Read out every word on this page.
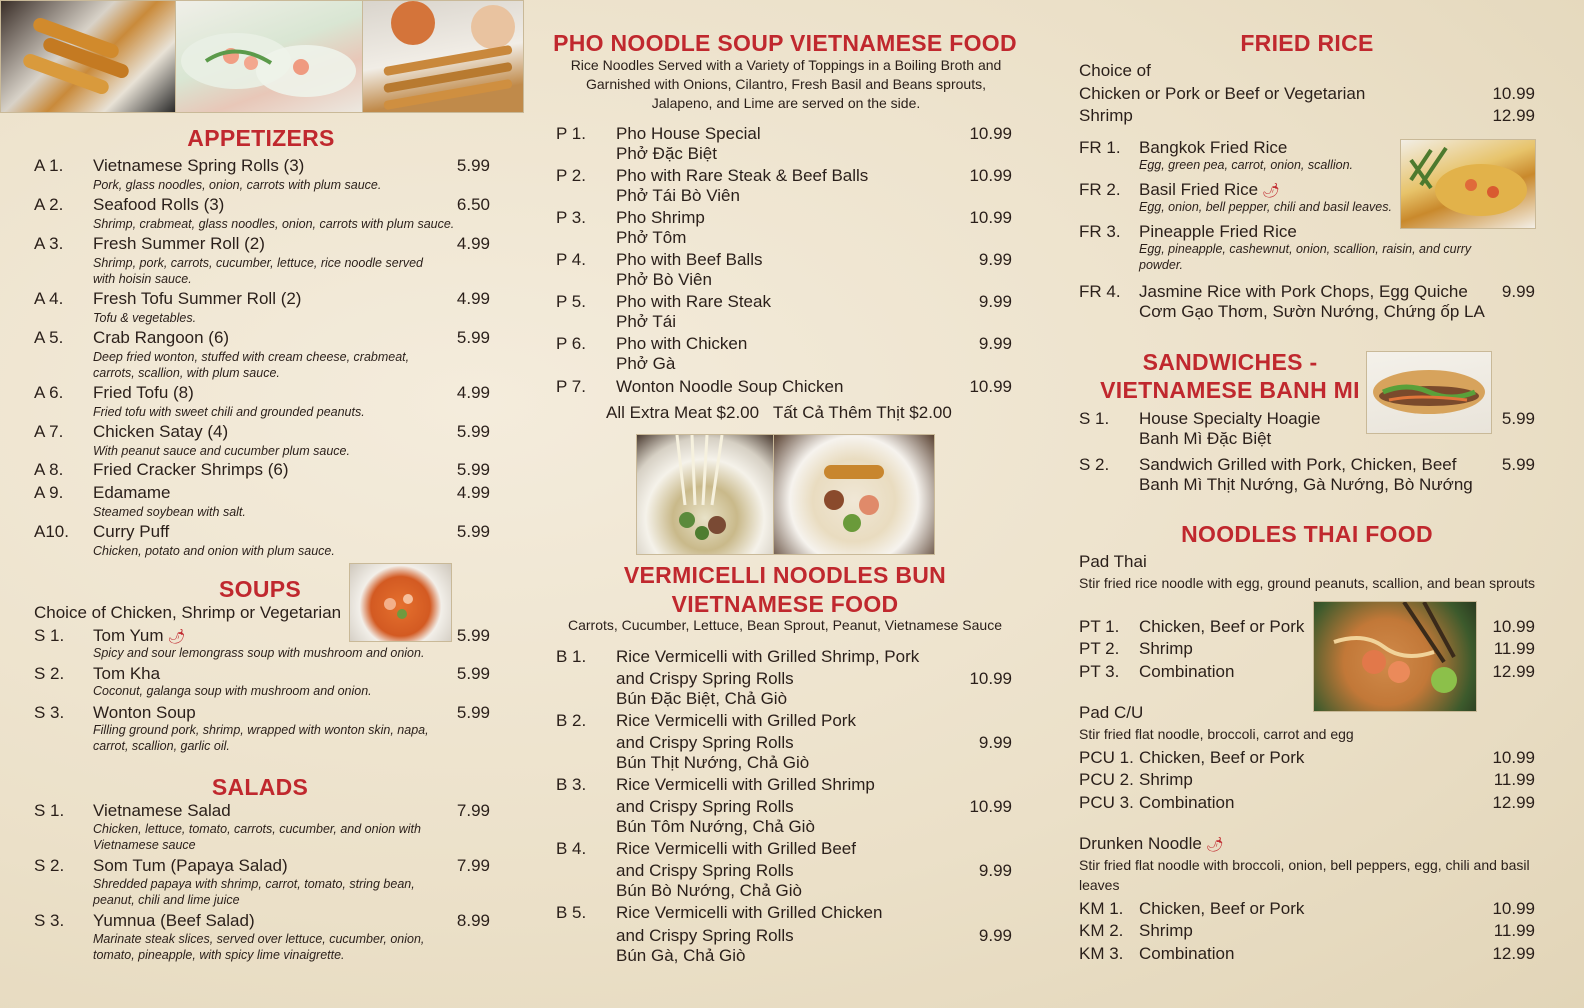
APPETIZERS
A 1. Vietnamese Spring Rolls (3)	5.99
Pork, glass noodles, onion, carrots with plum sauce.
A 2. Seafood Rolls (3)	6.50
Shrimp, crabmeat, glass noodles, onion, carrots with plum sauce.
A 3. Fresh Summer Roll (2)	4.99
Shrimp, pork, carrots, cucumber, lettuce, rice noodle served with hoisin sauce.
A 4. Fresh Tofu Summer Roll (2)	4.99
Tofu & vegetables.
A 5. Crab Rangoon (6)	5.99
Deep fried wonton, stuffed with cream cheese, crabmeat, carrots, scallion, with plum sauce.
A 6. Fried Tofu (8)	4.99
Fried tofu with sweet chili and grounded peanuts.
A 7. Chicken Satay (4)	5.99
With peanut sauce and cucumber plum sauce.
A 8. Fried Cracker Shrimps (6)	5.99
A 9. Edamame	4.99
Steamed soybean with salt.
A10. Curry Puff	5.99
Chicken, potato and onion with plum sauce.
SOUPS
Choice of Chicken, Shrimp or Vegetarian
S 1. Tom Yum 🌶	5.99
Spicy and sour lemongrass soup with mushroom and onion.
S 2. Tom Kha	5.99
Coconut, galanga soup with mushroom and onion.
S 3. Wonton Soup	5.99
Filling ground pork, shrimp, wrapped with wonton skin, napa, carrot, scallion, garlic oil.
SALADS
S 1. Vietnamese Salad	7.99
Chicken, lettuce, tomato, carrots, cucumber, and onion with Vietnamese sauce
S 2. Som Tum (Papaya Salad)	7.99
Shredded papaya with shrimp, carrot, tomato, string bean, peanut, chili and lime juice
S 3. Yumnua (Beef Salad)	8.99
Marinate steak slices, served over lettuce, cucumber, onion, tomato, pineapple, with spicy lime vinaigrette.
PHO NOODLE SOUP VIETNAMESE FOOD
Rice Noodles Served with a Variety of Toppings in a Boiling Broth and Garnished with Onions, Cilantro, Fresh Basil and Beans sprouts, Jalapeno, and Lime are served on the side.
P 1. Pho House Special	10.99
Phở Đặc Biệt
P 2. Pho with Rare Steak & Beef Balls	10.99
Phở Tái Bò Viên
P 3. Pho Shrimp	10.99
Phở Tôm
P 4. Pho with Beef Balls	9.99
Phở Bò Viên
P 5. Pho with Rare Steak	9.99
Phở Tái
P 6. Pho with Chicken	9.99
Phở Gà
P 7. Wonton Noodle Soup Chicken	10.99
All Extra Meat $2.00   Tất Cả Thêm Thịt $2.00
VERMICELLI NOODLES BUN
VIETNAMESE FOOD
Carrots, Cucumber, Lettuce, Bean Sprout, Peanut, Vietnamese Sauce
B 1. Rice Vermicelli with Grilled Shrimp, Pork
and Crispy Spring Rolls	10.99
Bún Đặc Biệt, Chả Giò
B 2. Rice Vermicelli with Grilled Pork
and Crispy Spring Rolls	9.99
Bún Thịt Nướng, Chả Giò
B 3. Rice Vermicelli with Grilled Shrimp
and Crispy Spring Rolls	10.99
Bún Tôm Nướng, Chả Giò
B 4. Rice Vermicelli with Grilled Beef
and Crispy Spring Rolls	9.99
Bún Bò Nướng, Chả Giò
B 5. Rice Vermicelli with Grilled Chicken
and Crispy Spring Rolls	9.99
Bún Gà, Chả Giò
FRIED RICE
Choice of
Chicken or Pork or Beef or Vegetarian	10.99
Shrimp	12.99
FR 1. Bangkok Fried Rice
Egg, green pea, carrot, onion, scallion.
FR 2. Basil Fried Rice 🌶
Egg, onion, bell pepper, chili and basil leaves.
FR 3. Pineapple Fried Rice
Egg, pineapple, cashewnut, onion, scallion, raisin, and curry powder.
FR 4. Jasmine Rice with Pork Chops, Egg Quiche	9.99
Cơm Gạo Thơm, Sườn Nướng, Chứng ốp LA
SANDWICHES -
VIETNAMESE BANH MI
S 1. House Specialty Hoagie	5.99
Banh Mì Đặc Biệt
S 2. Sandwich Grilled with Pork, Chicken, Beef	5.99
Banh Mì Thịt Nướng, Gà Nướng, Bò Nướng
NOODLES THAI FOOD
Pad Thai
Stir fried rice noodle with egg, ground peanuts, scallion, and bean sprouts
PT 1. Chicken, Beef or Pork	10.99
PT 2. Shrimp	11.99
PT 3. Combination	12.99
Pad C/U
Stir fried flat noodle, broccoli, carrot and egg
PCU 1. Chicken, Beef or Pork	10.99
PCU 2. Shrimp	11.99
PCU 3. Combination	12.99
Drunken Noodle 🌶
Stir fried flat noodle with broccoli, onion, bell peppers, egg, chili and basil leaves
KM 1. Chicken, Beef or Pork	10.99
KM 2. Shrimp	11.99
KM 3. Combination	12.99
